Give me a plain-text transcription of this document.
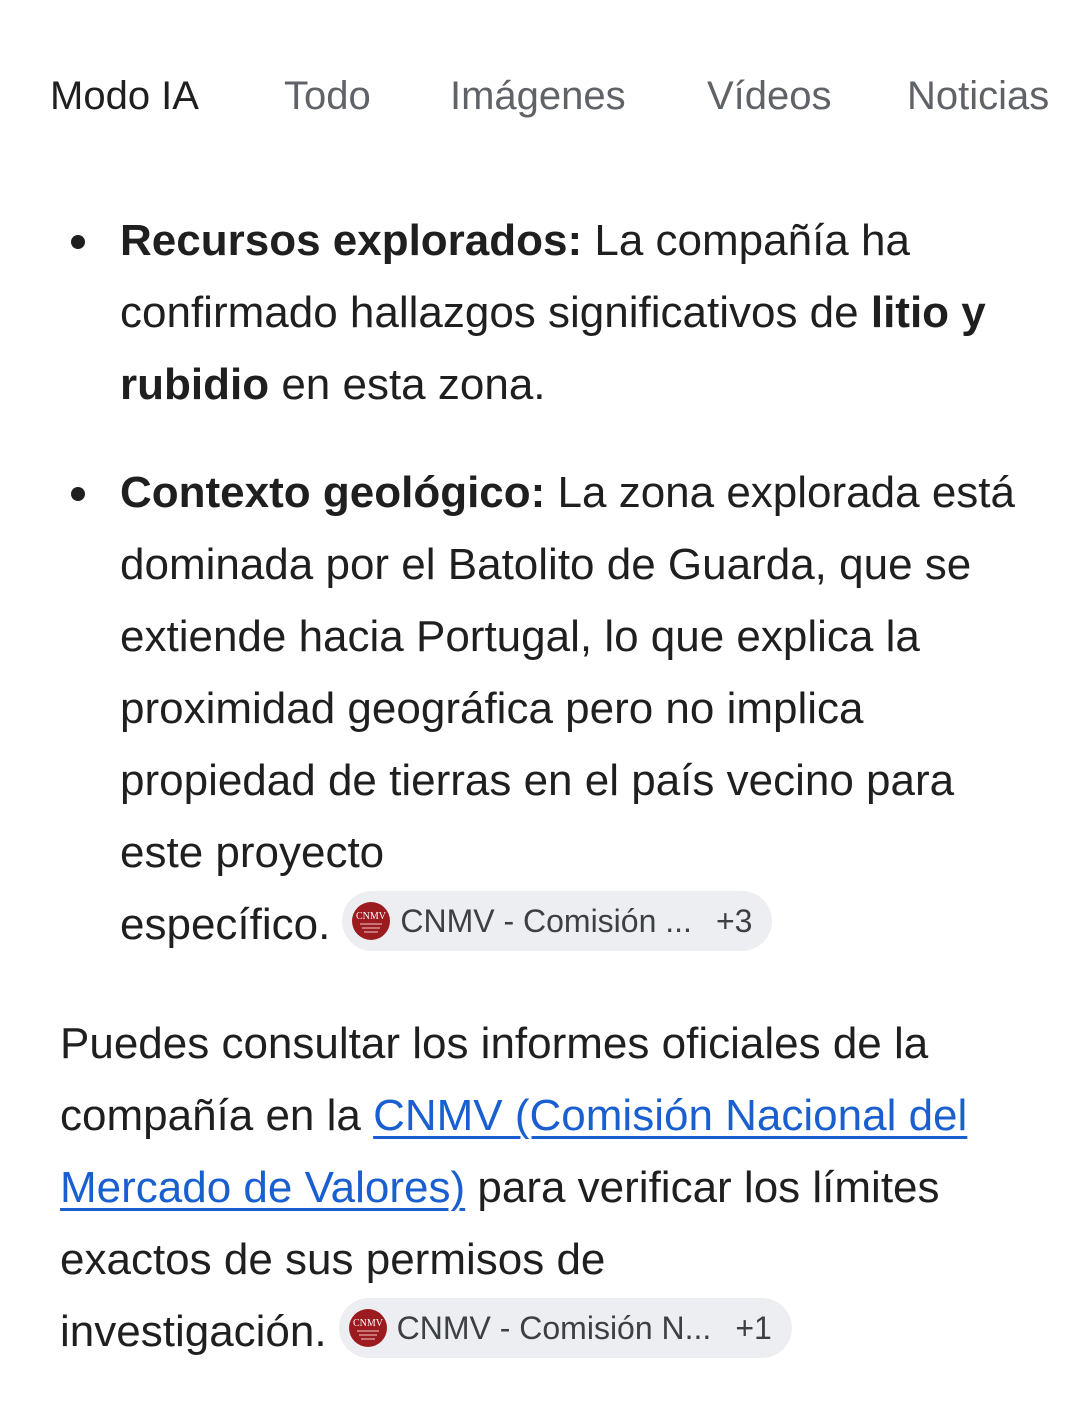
Modo IA Todo Imágenes Vídeos Noticias
Recursos explorados: La compañía ha confirmado hallazgos significativos de litio y rubidio en esta zona.
Contexto geológico: La zona explorada está dominada por el Batolito de Guarda, que se extiende hacia Portugal, lo que explica la proximidad geográfica pero no implica propiedad de tierras en el país vecino para este proyecto específico.	CNMV CNMV - Comisión ... +3

Puedes consultar los informes oficiales de la compañía en la CNMV (Comisión Nacional del Mercado de Valores) para verificar los límites exactos de sus permisos de investigación.	CNMV CNMV - Comisión N... +1
